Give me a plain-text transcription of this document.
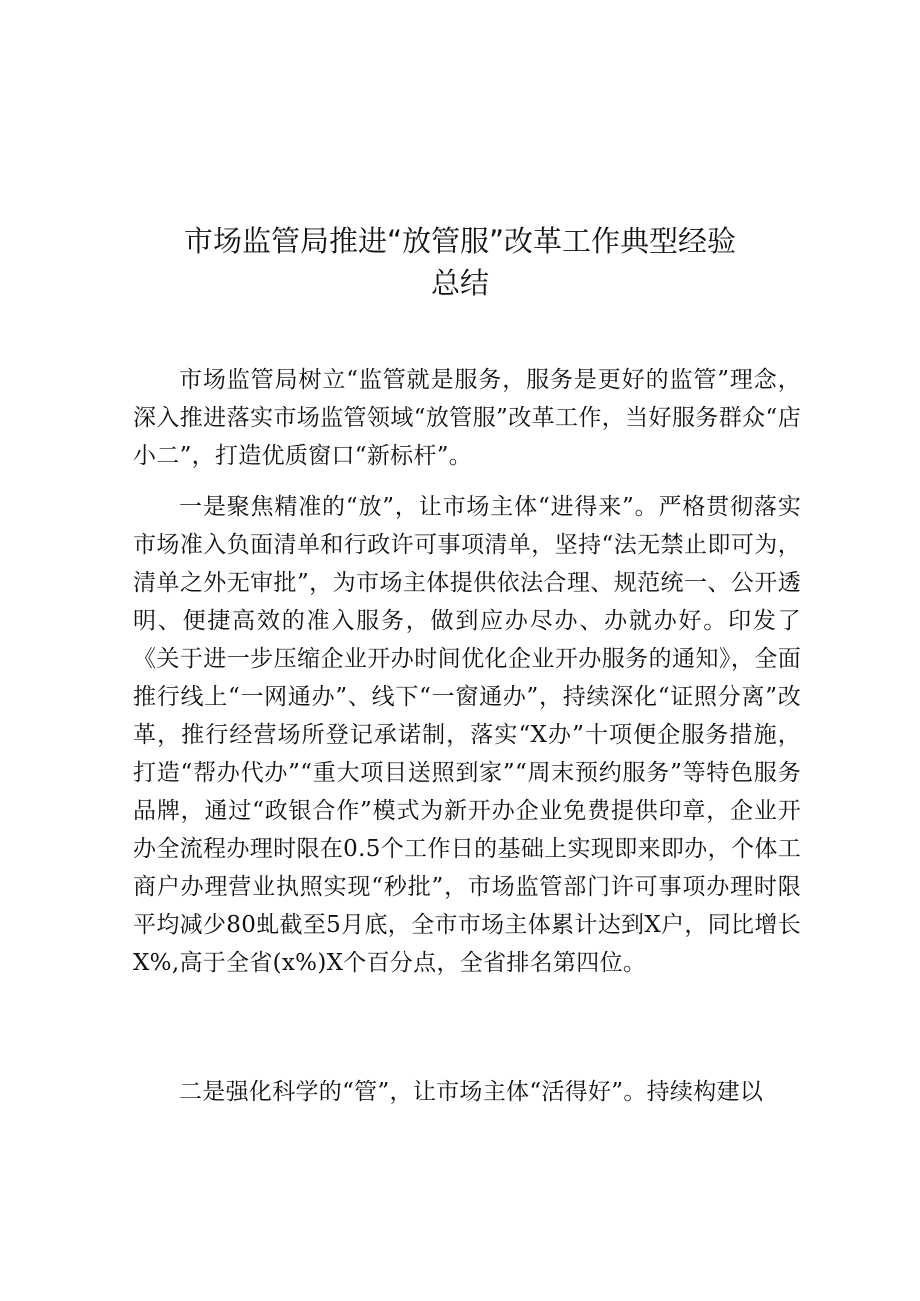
市场监管局推进“放管服”改革工作典型经验
总结

市场监管局树立“监管就是服务，服务是更好的监管”理念，深入推进落实市场监管领域“放管服”改革工作，当好服务群众“店小二”，打造优质窗口“新标杆”。

一是聚焦精准的“放”，让市场主体“进得来”。严格贯彻落实市场准入负面清单和行政许可事项清单，坚持“法无禁止即可为，清单之外无审批”，为市场主体提供依法合理、规范统一、公开透明、便捷高效的准入服务，做到应办尽办、办就办好。印发了《关于进一步压缩企业开办时间优化企业开办服务的通知》，全面推行线上“一网通办”、线下“一窗通办”，持续深化“证照分离”改革，推行经营场所登记承诺制，落实“X办”十项便企服务措施，打造“帮办代办”“重大项目送照到家”“周末预约服务”等特色服务品牌，通过“政银合作”模式为新开办企业免费提供印章，企业开办全流程办理时限在0.5个工作日的基础上实现即来即办，个体工商户办理营业执照实现“秒批”，市场监管部门许可事项办理时限平均减少80虬截至5月底，全市市场主体累计达到X户，同比增长X%,高于全省(x%)X个百分点，全省排名第四位。

二是强化科学的“管”，让市场主体“活得好”。持续构建以
